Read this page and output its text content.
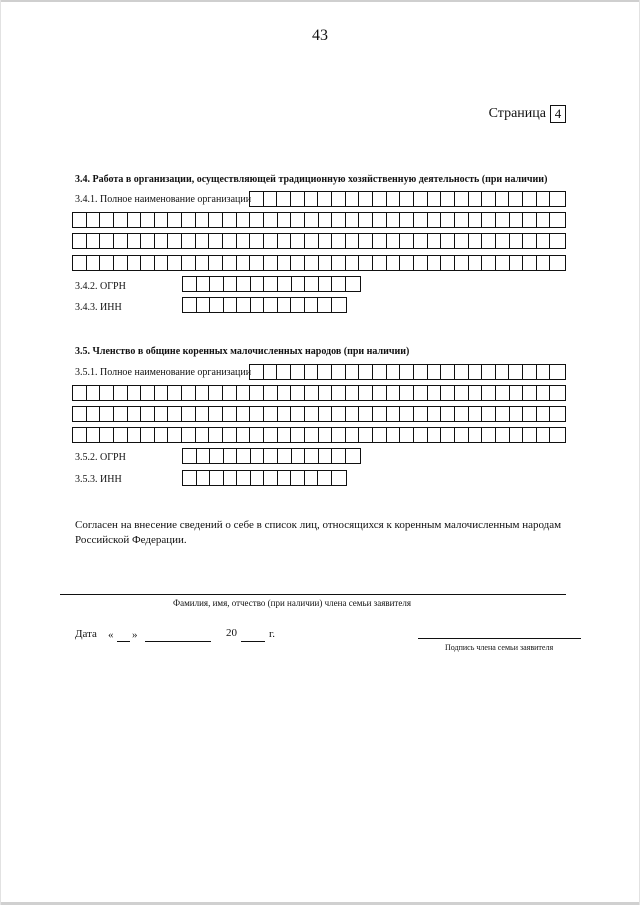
43
Страница 4
3.4. Работа в организации, осуществляющей традиционную хозяйственную деятельность (при наличии)
3.4.1. Полное наименование организации
3.4.2. ОГРН
3.4.3. ИНН
3.5. Членство в общине коренных малочисленных народов (при наличии)
3.5.1. Полное наименование организации
3.5.2. ОГРН
3.5.3. ИНН
Согласен на внесение сведений о себе в список лиц, относящихся к коренным малочисленным народам Российской Федерации.
Фамилия, имя, отчество (при наличии) члена семьи заявителя
Дата « »	20	г.
Подпись члена семьи заявителя
